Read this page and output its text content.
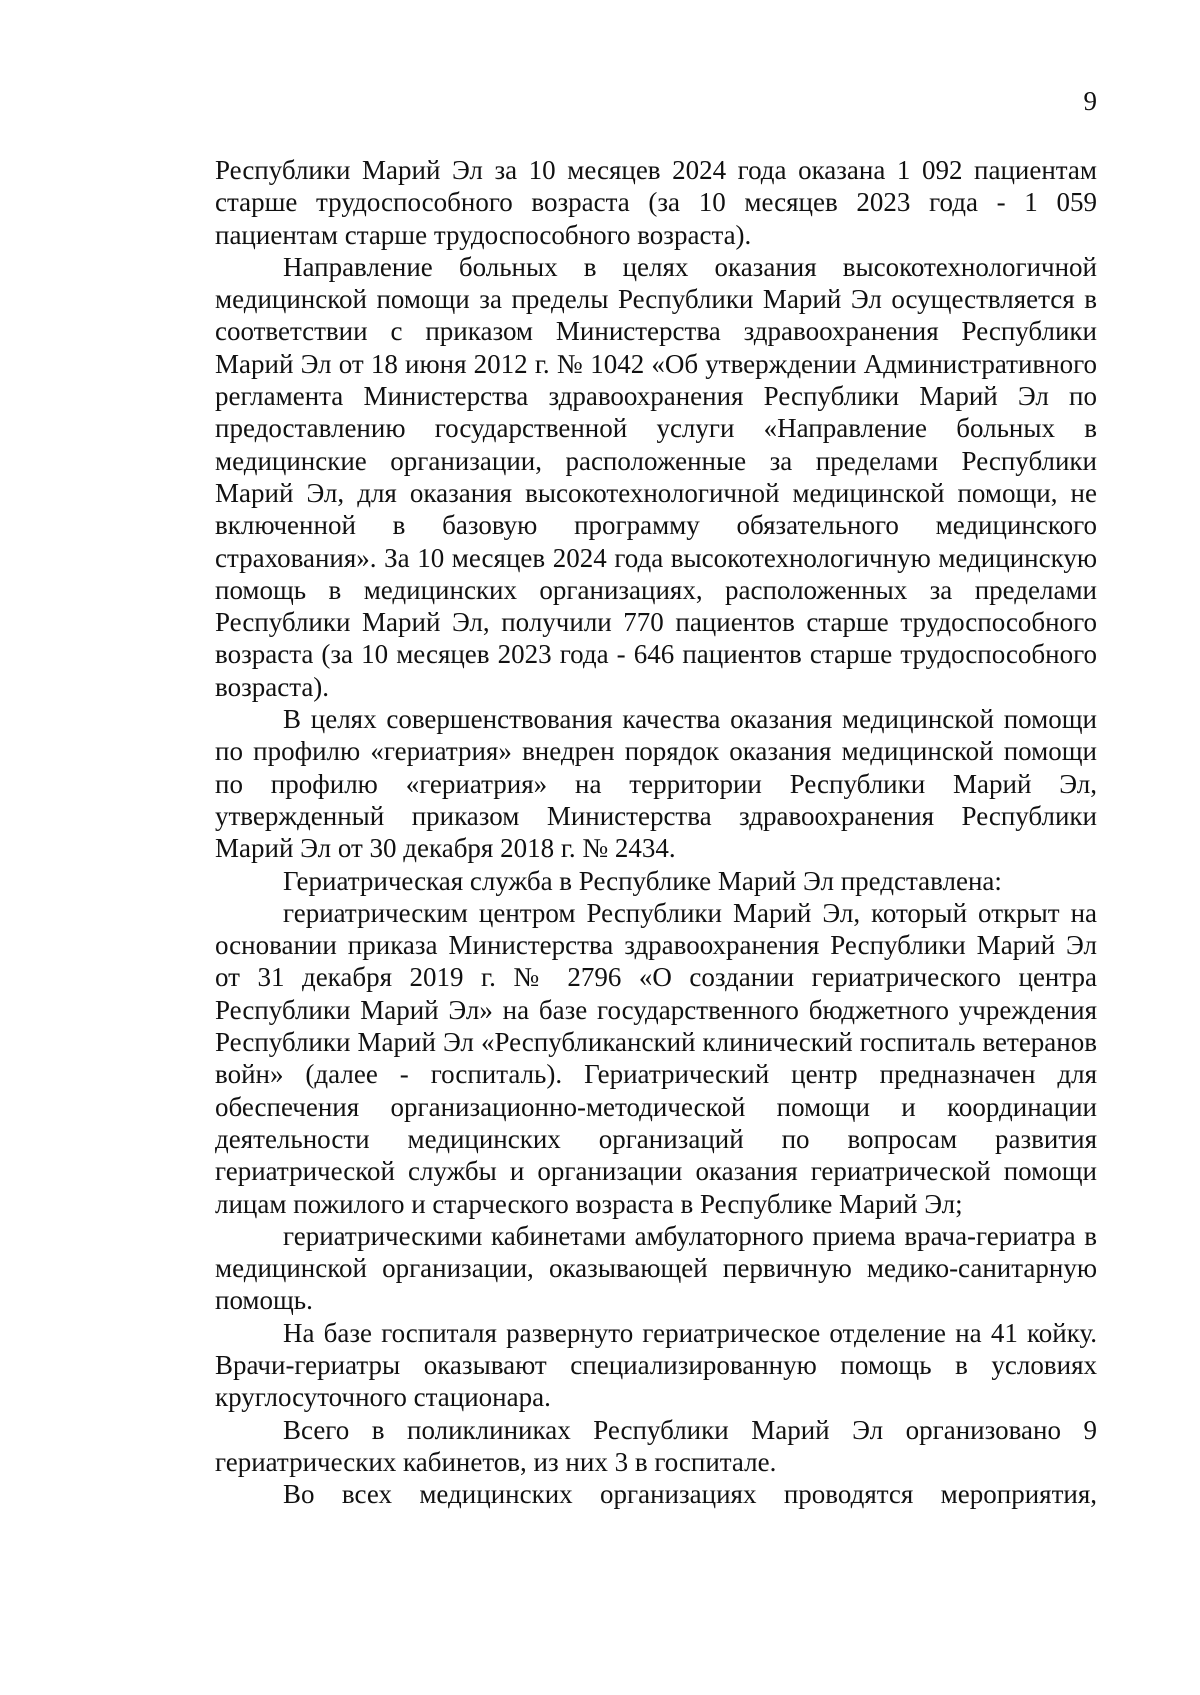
9

Республики Марий Эл за 10 месяцев 2024 года оказана 1 092 пациентам старше трудоспособного возраста (за 10 месяцев 2023 года - 1 059 пациентам старше трудоспособного возраста).

Направление больных в целях оказания высокотехнологичной медицинской помощи за пределы Республики Марий Эл осуществляется в соответствии с приказом Министерства здравоохранения Республики Марий Эл от 18 июня 2012 г. № 1042 «Об утверждении Административного регламента Министерства здравоохранения Республики Марий Эл по предоставлению государственной услуги «Направление больных в медицинские организации, расположенные за пределами Республики Марий Эл, для оказания высокотехнологичной медицинской помощи, не включенной в базовую программу обязательного медицинского страхования». За 10 месяцев 2024 года высокотехнологичную медицинскую помощь в медицинских организациях, расположенных за пределами Республики Марий Эл, получили 770 пациентов старше трудоспособного возраста (за 10 месяцев 2023 года - 646 пациентов старше трудоспособного возраста).

В целях совершенствования качества оказания медицинской помощи по профилю «гериатрия» внедрен порядок оказания медицинской помощи по профилю «гериатрия» на территории Республики Марий Эл, утвержденный приказом Министерства здравоохранения Республики Марий Эл от 30 декабря 2018 г. № 2434.

Гериатрическая служба в Республике Марий Эл представлена:

гериатрическим центром Республики Марий Эл, который открыт на основании приказа Министерства здравоохранения Республики Марий Эл от 31 декабря 2019 г. № 2796 «О создании гериатрического центра Республики Марий Эл» на базе государственного бюджетного учреждения Республики Марий Эл «Республиканский клинический госпиталь ветеранов войн» (далее - госпиталь). Гериатрический центр предназначен для обеспечения организационно-методической помощи и координации деятельности медицинских организаций по вопросам развития гериатрической службы и организации оказания гериатрической помощи лицам пожилого и старческого возраста в Республике Марий Эл;

гериатрическими кабинетами амбулаторного приема врача-гериатра в медицинской организации, оказывающей первичную медико-санитарную помощь.

На базе госпиталя развернуто гериатрическое отделение на 41 койку. Врачи-гериатры оказывают специализированную помощь в условиях круглосуточного стационара.

Всего в поликлиниках Республики Марий Эл организовано 9 гериатрических кабинетов, из них 3 в госпитале.

Во всех медицинских организациях проводятся мероприятия,
